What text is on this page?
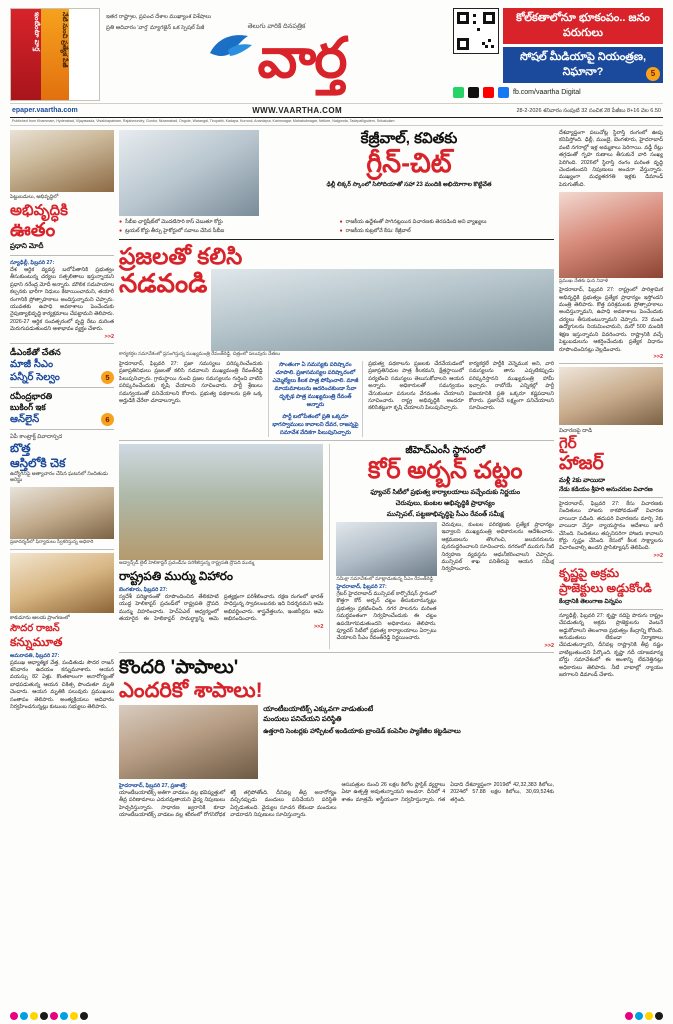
ఇంటింటా వార్త	నేటి నుంచి ప్రత్యేక పేజీ	ఇతర రాష్ట్రాల, ప్రపంచ దేశాల ముఖ్యాంశ విశేషాలు
ప్రతి ఆదివారం 'వార్త' మ్యాగజైన్ ఒక స్పెషల్ పేజీ	తెలుగు వారికి దినపత్రిక
వార్త
కోల్‌కతాలోనూ భూకంపం.. జనం పరుగులు
సోషల్ మీడియాపై నియంత్రణ, నిఘానా?	5
fb.com/vaartha Digital
epaper.vaartha.com	WWW.VAARTHA.COM	28-2-2026 శనివారం సంపుటి 32 సంచిక 28 పేజీలు 8+16 వెల 6.50
Published from Khammam, Hyderabad, Vijayawada, Visakhapatnam, Rajahmundry, Guntur, Nizamabad, Ongole, Warangal, Tirupathi, Kadapa, Kurnool, Anantapur, Karimnagar, Mahabubnagar, Nellore, Nalgonda, Tadepalligudem, Srikakulam
పెట్టుబడులు, అభివృద్ధిలో
అభివృద్ధికి
ఊతం
ప్రధాని మోదీ
న్యూఢిల్లీ, ఫిబ్రవరి 27:
దేశ ఆర్థిక వ్యవస్థ బలోపేతానికి ప్రభుత్వం తీసుకుంటున్న చర్యలు సత్ఫలితాలు ఇస్తున్నాయని ప్రధాని నరేంద్ర మోదీ అన్నారు. మౌలిక సదుపాయాల కల్పనకు భారీగా నిధులు కేటాయించామని, తయారీ రంగానికి ప్రోత్సాహకాలు అందిస్తున్నామని చెప్పారు. యువతకు ఉపాధి అవకాశాలు పెంచేందుకు నైపుణ్యాభివృద్ధి కార్యక్రమాలు చేపట్టామని తెలిపారు. 2026-27 ఆర్థిక సంవత్సరంలో వృద్ధి రేటు మరింత మెరుగుపడుతుందని ఆశాభావం వ్యక్తం చేశారు.
>>2
డీఎంకేతో చేతన
మాజీ సీఎం
పన్నీర్ సెల్వం	5
రవీంద్రభారతి
బుకింగ్ ఇక
ఆన్‌లైన్	6
ఏపీ కాంట్రాక్ట్ వివాదాస్పద
బొత్త
ఆస్తిలోకి చెక
ఉద్యోగినిపై అత్యాచారం చేసిన ఘటనలో నిందితుడు అరెస్టు
ప్రజాదర్శన్‌లో ఫిర్యాదులు స్వీకరిస్తున్న అధికారి
కాకుమాను ఆలయ ప్రాంగణంలో
సౌదర రాజన్
కన్నుమూత
అమరావతి, ఫిబ్రవరి 27:
ప్రముఖ ఆధ్యాత్మిక వేత్త, పండితుడు సౌదర రాజన్ శనివారం ఉదయం కన్నుమూశారు. ఆయన వయస్సు 82 ఏళ్లు. కొంతకాలంగా అనారోగ్యంతో బాధపడుతున్న ఆయన చికిత్స పొందుతూ మృతి చెందారు. ఆయన మృతికి పలువురు ప్రముఖులు సంతాపం తెలిపారు. అంత్యక్రియలు ఆదివారం నిర్వహించనున్నట్లు కుటుంబ సభ్యులు తెలిపారు.
కేజ్రీవాల్, కవితకు
గ్రీన్-చిట్
ఢిల్లీ లిక్కర్ స్కాంలో సిసోదియాతో సహా 23 మందికి అభియోగాల కొట్టివేత
● సీబీఐ ఛార్జిషీట్‌లో మొదటిసారి కాస్ చెబుతూ కోర్టు
● ట్రయల్ కోర్టు తీర్పు హైకోర్టులో సవాలు చేసిన సీబీఐ
● రాజకీయ ఉద్దేశంతో సాగినట్లయిన విచారణకు తెరపడింది అని వ్యాఖ్యలు
● రాజకీయ కుట్రలోనే కేసు: కేజ్రీవాల్
ప్రజలతో కలిసి
నడవండి
కార్యకర్తల సమావేశంలో ప్రసంగిస్తున్న ముఖ్యమంత్రి రేవంత్‌రెడ్డి, చిత్రంలో పలువురు నేతలు
హైదరాబాద్, ఫిబ్రవరి 27: ప్రజా సమస్యలు పరిష్కరించేందుకు ప్రజాప్రతినిధులు ప్రజలతో కలిసి నడవాలని ముఖ్యమంత్రి రేవంత్‌రెడ్డి పిలుపునిచ్చారు. గ్రామస్థాయి నుంచి ప్రజల సమస్యలను గుర్తించి వాటిని పరిష్కరించేందుకు కృషి చేయాలని సూచించారు. పార్టీ శ్రేణులు సమన్వయంతో పనిచేయాలని కోరారు. ప్రభుత్వ పథకాలను ప్రతి ఒక్క అర్హుడికి చేరేలా చూడాలన్నారు.
సొంతంగా ఏ సమస్యకు పరిష్కారం చూపాలి. ప్రజాసమస్యల పరిష్కారంలో ఎమ్మెల్యేలు కీలక పాత్ర పోషించాలి. మాజీ మాయమాటలను ఆదరించకుండా సేవా దృక్పథ పాత్ర ముఖ్యమంత్రి రేవంత్ అన్నారు
పార్టీ బలోపేతంలో ప్రతి ఒక్కరూ భాగస్వాములు కావాలని దేవర, రాజన్నపై సమావేశ వేదికగా పిలుపునిచ్చారు
ప్రభుత్వ పథకాలను ప్రజలకు చేరవేయడంలో ప్రజాప్రతినిధుల పాత్ర కీలకమని, క్షేత్రస్థాయిలో పర్యటించి సమస్యలు తెలుసుకోవాలని ఆయన అన్నారు. అధికారులతో సమన్వయం చేసుకుంటూ పనులను వేగవంతం చేయాలని సూచించారు. రాష్ట్ర అభివృద్ధికి అందరూ కలిసికట్టుగా కృషి చేయాలని పిలుపునిచ్చారు.
కార్యకర్తలే పార్టీకి వెన్నెముక అని, వారి సమస్యలను తాను ఎప్పటికప్పుడు పరిష్కరిస్తానని ముఖ్యమంత్రి హామీ ఇచ్చారు. రాబోయే ఎన్నికల్లో పార్టీ విజయానికి ప్రతి ఒక్కరూ కష్టపడాలని కోరారు. ప్రజాసేవే లక్ష్యంగా పనిచేయాలని సూచించారు.
అడ్వాన్స్‌డ్ లైట్ హెలికాప్టర్ ప్రచండ్‌ను పరిశీలిస్తున్న రాష్ట్రపతి ద్రౌపది ముర్ము
రాష్ట్రపతి ముర్ము విహారం
బెంగళూరు, ఫిబ్రవరి 27:
స్వదేశీ పరిజ్ఞానంతో రూపొందించిన తేలికపాటి యుద్ధ హెలికాప్టర్ ప్రచండ్‌లో రాష్ట్రపతి ద్రౌపది ముర్ము విహరించారు. హెచ్‌ఏఎల్ ఆధ్వర్యంలో తయారైన ఈ హెలికాప్టర్ సామర్థ్యాన్ని ఆమె ప్రత్యక్షంగా పరిశీలించారు. రక్షణ రంగంలో భారత్ సాధిస్తున్న స్వావలంబనకు ఇది నిదర్శనమని ఆమె అభివర్ణించారు. శాస్త్రవేత్తలను, ఇంజినీర్లను ఆమె అభినందించారు.
>>2
జీహెచ్‌ఎంసీ స్థానంలో
కోర్ అర్బన్ చట్టం
ఫ్యూచర్ సిటీలో ప్రభుత్వ కార్యాలయాలు వచ్చేందుకు నిర్ణయం
చెరువులు, కుంటల అభివృద్ధికి ప్రాధాన్యం
మున్సిపల్, పట్టణాభివృద్ధిపై సీఎం రేవంత్ సమీక్ష
సమీక్షా సమావేశంలో మాట్లాడుతున్న సీఎం రేవంత్‌రెడ్డి
హైదరాబాద్, ఫిబ్రవరి 27:
గ్రేటర్ హైదరాబాద్ మున్సిపల్ కార్పొరేషన్ స్థానంలో కొత్తగా కోర్ అర్బన్ చట్టం తీసుకురానున్నట్లు ప్రభుత్వం ప్రకటించింది. నగర పాలనను మరింత సమర్థవంతంగా నిర్వహించేందుకు ఈ చట్టం ఉపయోగపడుతుందని అధికారులు తెలిపారు. ఫ్యూచర్ సిటీలో ప్రభుత్వ కార్యాలయాలు ఏర్పాటు చేయాలని సీఎం రేవంత్‌రెడ్డి నిర్ణయించారు.
చెరువులు, కుంటల పరిరక్షణకు ప్రత్యేక ప్రాధాన్యం ఇవ్వాలని ముఖ్యమంత్రి అధికారులను ఆదేశించారు. ఆక్రమణలను తొలగించి, జలవనరులను పునరుద్ధరించాలని సూచించారు. నగరంలో మురుగు నీటి నిర్వహణ వ్యవస్థను ఆధునీకరించాలని చెప్పారు. మున్సిపల్ శాఖ పనితీరుపై ఆయన సమీక్ష నిర్వహించారు.
>>2
కొందరి 'పాపాలు'
ఎందరికో శాపాలు!
యాంటీబయాటిక్స్ ఎక్కువగా వాడుతుంటే
మందులు పనిచేయని పరిస్థితి
ఉత్తరాది సెంటర్లకు హాస్పిటల్ ఇండియాకు బ్రాండెడ్ కంపెనీల ప్యాకేజీల కట్టడివాలు
హైదరాబాద్, ఫిబ్రవరి 27, ప్రజాశక్తి:
యాంటీబయాటిక్స్ అతిగా వాడటం వల్ల భవిష్యత్తులో తీవ్ర పరిణామాలు ఎదురవుతాయని వైద్య నిపుణులు హెచ్చరిస్తున్నారు. సాధారణ జ్వరానికి కూడా యాంటీబయాటిక్స్ వాడటం వల్ల శరీరంలో రోగనిరోధక శక్తి తగ్గిపోతోంది. దీనివల్ల తీవ్ర అనారోగ్యం వచ్చినప్పుడు మందులు పనిచేయని పరిస్థితి ఏర్పడుతుంది. వైద్యుల సూచన లేకుండా మందులు వాడరాదని నిపుణులు సూచిస్తున్నారు.
ఆసుపత్రుల నుంచి 26 లక్షల కిలోల ప్లాస్టిక్ వ్యర్థాలు ఏటా ఉత్పత్తి అవుతున్నాయని అంచనా. దీనిలో 4 శాతం మాత్రమే శాస్త్రీయంగా నిర్వహిస్తున్నారు. గత ఏడాది దేశవ్యాప్తంగా 2019లో 42,32,383 కిలోలు, 2024లో 57.88 లక్షల కిలోలు, 30,69,524కు తగ్గింది.
దేశవ్యాప్తంగా పలుచోట్ల స్థిరాస్తి రంగంలో ఊపు కనిపిస్తోంది. ఢిల్లీ, ముంబై, బెంగళూరు, హైదరాబాద్ వంటి నగరాల్లో ఇళ్ల అమ్మకాలు పెరిగాయి. వడ్డీ రేట్లు తగ్గడంతో గృహ రుణాలు తీసుకునే వారి సంఖ్య పెరిగింది. 2026లో స్థిరాస్తి రంగం మరింత వృద్ధి చెందుతుందని నిపుణులు అంచనా వేస్తున్నారు. ముఖ్యంగా మధ్యతరగతి ఇళ్లకు డిమాండ్ పెరుగుతోంది.
ప్రముఖ నేతకు ఘన నివాళి
హైదరాబాద్, ఫిబ్రవరి 27: రాష్ట్రంలో పారిశ్రామిక అభివృద్ధికి ప్రభుత్వం ప్రత్యేక ప్రాధాన్యం ఇస్తోందని మంత్రి తెలిపారు. కొత్త పరిశ్రమలకు ప్రోత్సాహకాలు అందిస్తున్నామని, ఉపాధి అవకాశాలు పెంచేందుకు చర్యలు తీసుకుంటున్నామని చెప్పారు. 23 మంది ఉద్యోగులను నియమించామని, మరో 500 మందికి శిక్షణ ఇస్తున్నామని వివరించారు. రాష్ట్రానికి వచ్చే పెట్టుబడులను ఆకర్షించేందుకు ప్రత్యేక విధానం రూపొందించినట్లు వెల్లడించారు.
>>2
విచారణపై దాడి
గైర్
హాజర్
మళ్లీ 2కు వాయిదా
నేడు కడియం శ్రీహరి అనుచరుల విచారణ
హైదరాబాద్, ఫిబ్రవరి 27: కేసు విచారణకు నిందితులు హాజరు కాకపోవడంతో విచారణ వాయిదా పడింది. తదుపరి విచారణను మార్చి 2కు వాయిదా వేస్తూ న్యాయస్థానం ఆదేశాలు జారీ చేసింది. నిందితులు తప్పనిసరిగా హాజరు కావాలని కోర్టు స్పష్టం చేసింది. కేసులో కీలక సాక్ష్యాలను విచారించాల్సి ఉందని ప్రాసిక్యూషన్ తెలిపింది.
>>2
కృష్ణపై అక్రమ
ప్రాజెక్టులు అడ్డుకోండి
కేంద్రానికి తెలంగాణ విన్నపం
న్యూఢిల్లీ, ఫిబ్రవరి 27: కృష్ణా నదిపై పొరుగు రాష్ట్రం చేపడుతున్న అక్రమ ప్రాజెక్టులను వెంటనే అడ్డుకోవాలని తెలంగాణ ప్రభుత్వం కేంద్రాన్ని కోరింది. అనుమతులు లేకుండా నిర్మాణాలు చేపడుతున్నారని, దీనివల్ల రాష్ట్రానికి తీవ్ర నష్టం వాటిల్లుతుందని పేర్కొంది. కృష్ణా నదీ యాజమాన్య బోర్డు సమావేశంలో ఈ అంశాన్ని లేవనెత్తినట్లు అధికారులు తెలిపారు. నీటి వాటాల్లో న్యాయం జరగాలని డిమాండ్ చేశారు.
